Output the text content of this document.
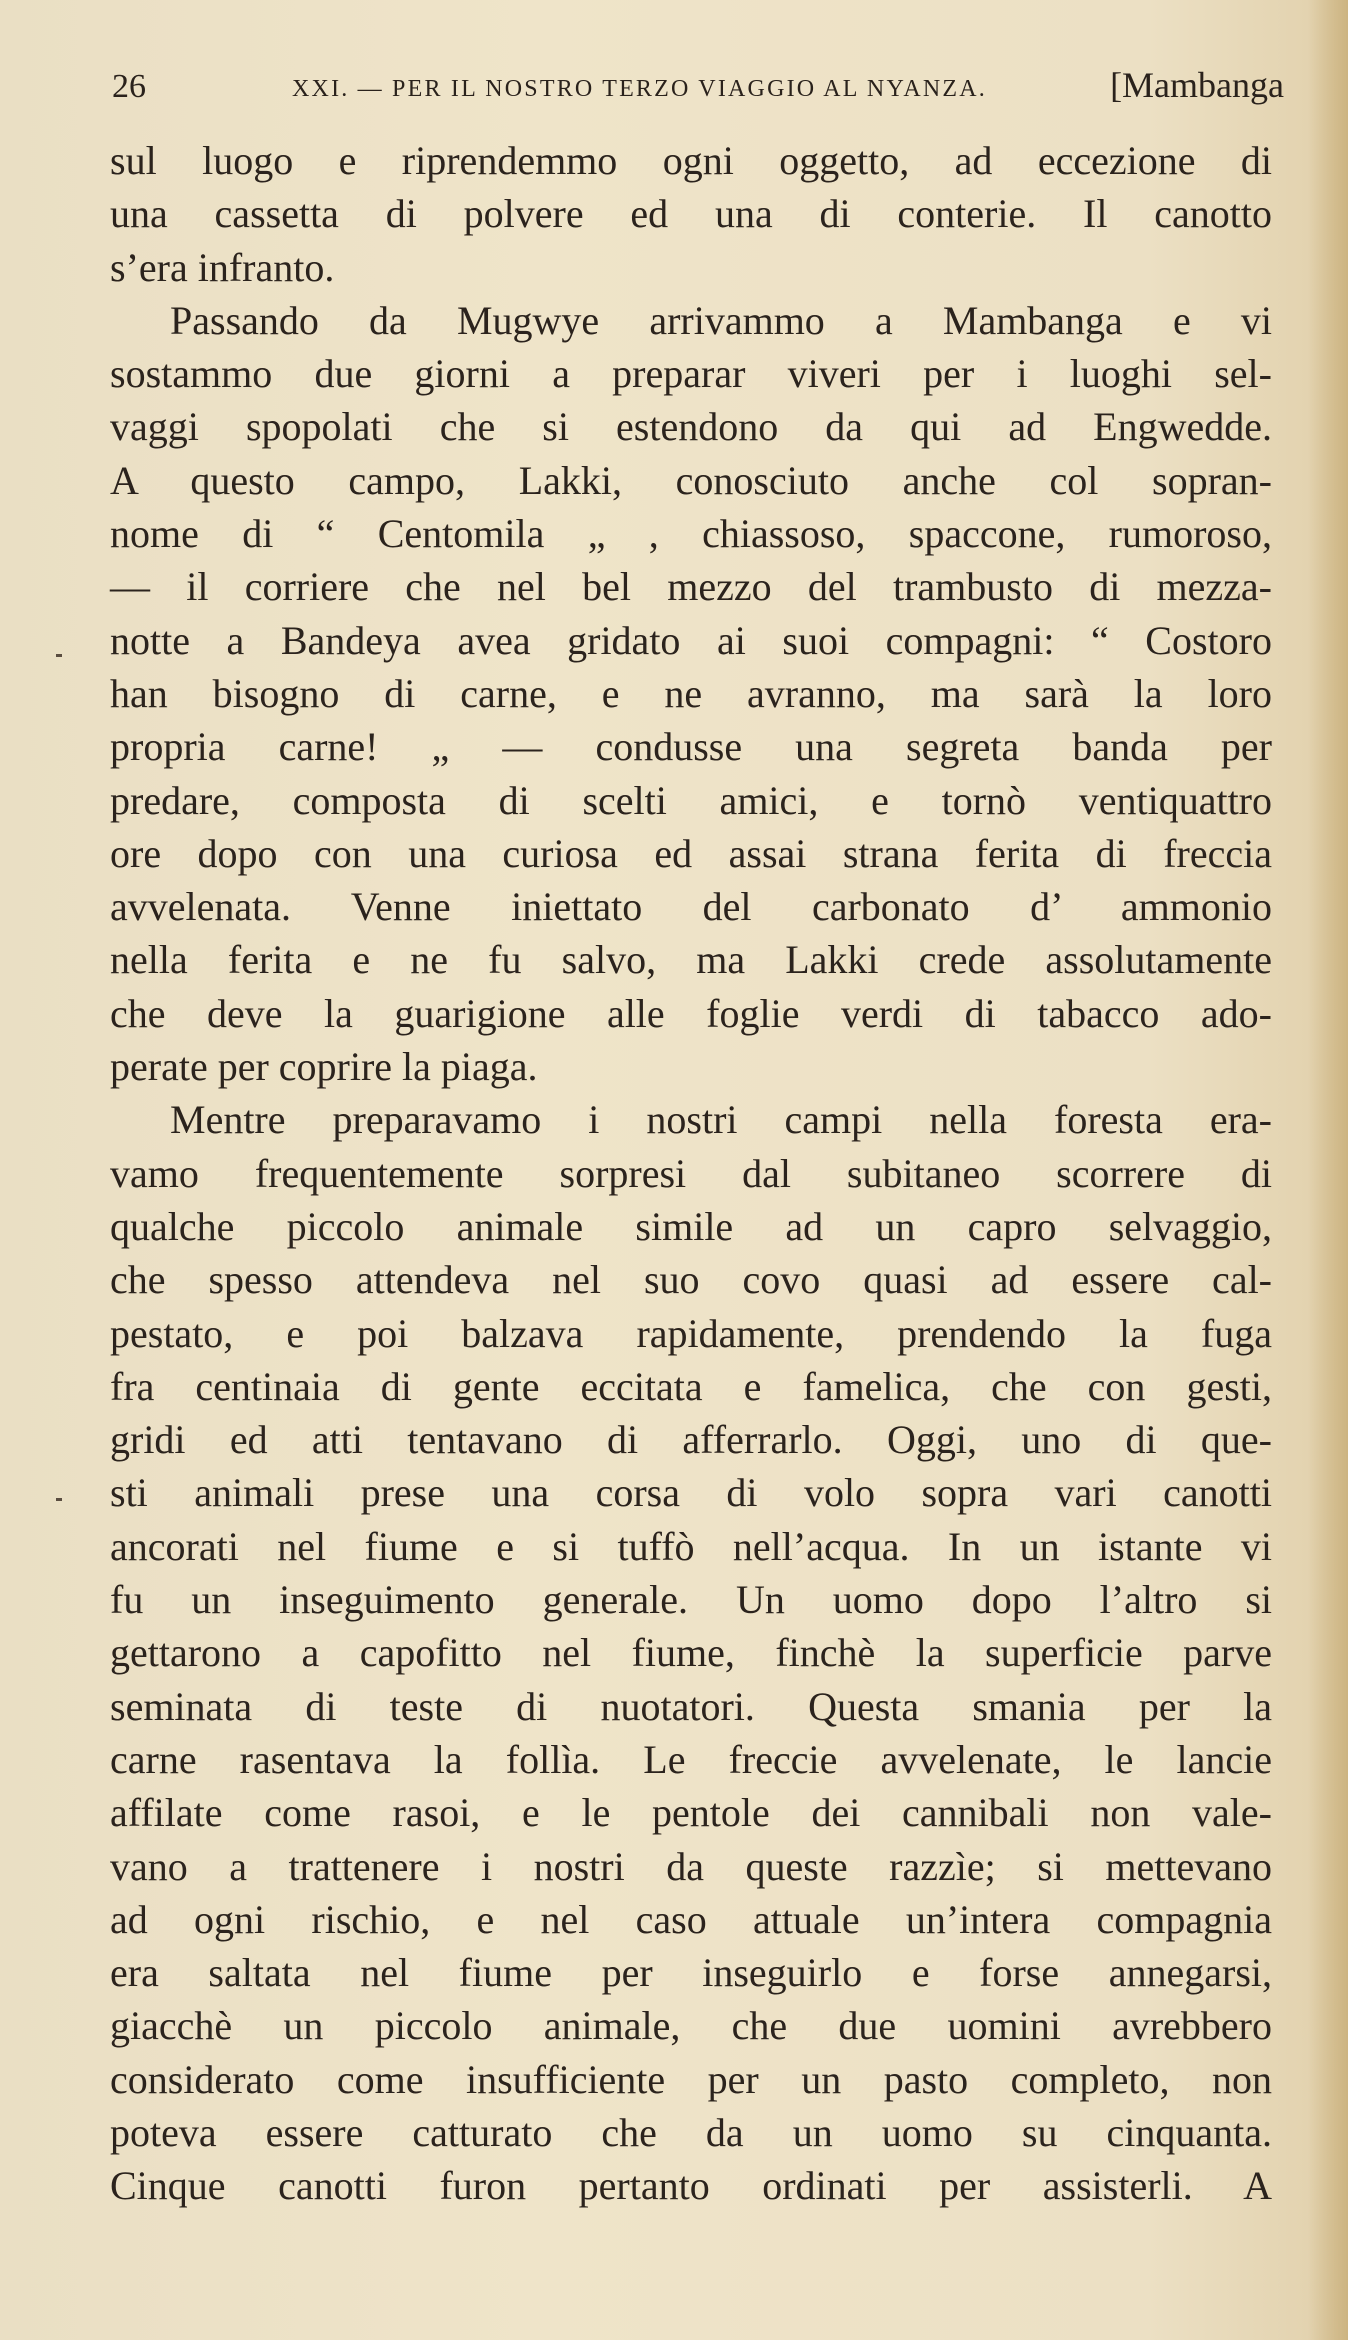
26	XXI. — PER IL NOSTRO TERZO VIAGGIO AL NYANZA.	[Mambanga
sul luogo e riprendemmo ogni oggetto, ad eccezione di
una cassetta di polvere ed una di conterie. Il canotto
s’era infranto.
Passando da Mugwye arrivammo a Mambanga e vi
sostammo due giorni a preparar viveri per i luoghi sel-
vaggi spopolati che si estendono da qui ad Engwedde.
A questo campo, Lakki, conosciuto anche col sopran-
nome di “ Centomila „ , chiassoso, spaccone, rumoroso,
— il corriere che nel bel mezzo del trambusto di mezza-
notte a Bandeya avea gridato ai suoi compagni: “ Costoro
han bisogno di carne, e ne avranno, ma sarà la loro
propria carne! „ — condusse una segreta banda per
predare, composta di scelti amici, e tornò ventiquattro
ore dopo con una curiosa ed assai strana ferita di freccia
avvelenata. Venne iniettato del carbonato d’ ammonio
nella ferita e ne fu salvo, ma Lakki crede assolutamente
che deve la guarigione alle foglie verdi di tabacco ado-
perate per coprire la piaga.
Mentre preparavamo i nostri campi nella foresta era-
vamo frequentemente sorpresi dal subitaneo scorrere di
qualche piccolo animale simile ad un capro selvaggio,
che spesso attendeva nel suo covo quasi ad essere cal-
pestato, e poi balzava rapidamente, prendendo la fuga
fra centinaia di gente eccitata e famelica, che con gesti,
gridi ed atti tentavano di afferrarlo. Oggi, uno di que-
sti animali prese una corsa di volo sopra vari canotti
ancorati nel fiume e si tuffò nell’acqua. In un istante vi
fu un inseguimento generale. Un uomo dopo l’altro si
gettarono a capofitto nel fiume, finchè la superficie parve
seminata di teste di nuotatori. Questa smania per la
carne rasentava la follìa. Le freccie avvelenate, le lancie
affilate come rasoi, e le pentole dei cannibali non vale-
vano a trattenere i nostri da queste razzìe; si mettevano
ad ogni rischio, e nel caso attuale un’intera compagnia
era saltata nel fiume per inseguirlo e forse annegarsi,
giacchè un piccolo animale, che due uomini avrebbero
considerato come insufficiente per un pasto completo, non
poteva essere catturato che da un uomo su cinquanta.
Cinque canotti furon pertanto ordinati per assisterli. A
